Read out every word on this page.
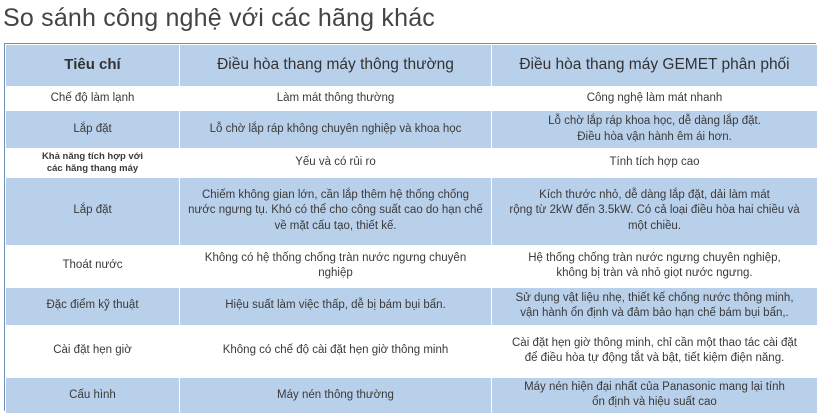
So sánh công nghệ với các hãng khác
Tiêu chí	Điều hòa thang máy thông thường	Điều hòa thang máy GEMET phân phối
Chế độ làm lạnh	Làm mát thông thường	Công nghệ làm mát nhanh
Lắp đặt	Lỗ chờ lắp ráp không chuyên nghiệp và khoa học	Lỗ chờ lắp ráp khoa học, dễ dàng lắp đặt.
Điều hòa vận hành êm ái hơn.
Khả năng tích hợp với
các hãng thang máy	Yếu và có rủi ro	Tính tích hợp cao
Lắp đặt	Chiếm không gian lớn, cần lắp thêm hệ thống chống
nước ngưng tụ. Khó có thể cho công suất cao do hạn chế
về mặt cấu tạo, thiết kế.	Kích thước nhỏ, dễ dàng lắp đặt, dải làm mát
rộng từ 2kW đến 3.5kW. Có cả loại điều hòa hai chiều và
một chiều.
Thoát nước	Không có hệ thống chống tràn nước ngưng chuyên nghiệp	Hệ thống chống tràn nước ngưng chuyên nghiệp,
không bị tràn và nhỏ giọt nước ngưng.
Đặc điểm kỹ thuật	Hiệu suất làm việc thấp, dễ bị bám bụi bẩn.	Sử dụng vật liệu nhẹ, thiết kế chống nước thông minh,
vận hành ổn định và đảm bảo hạn chế bám bụi bẩn,.
Cài đặt hẹn giờ	Không có chế độ cài đặt hẹn giờ thông minh	Cài đặt hẹn giờ thông minh, chỉ cần một thao tác cài đặt
để điều hòa tự động tắt và bật, tiết kiệm điện năng.
Cấu hình	Máy nén thông thường	Máy nén hiện đại nhất của Panasonic mang lại tính
ổn định và hiệu suất cao
